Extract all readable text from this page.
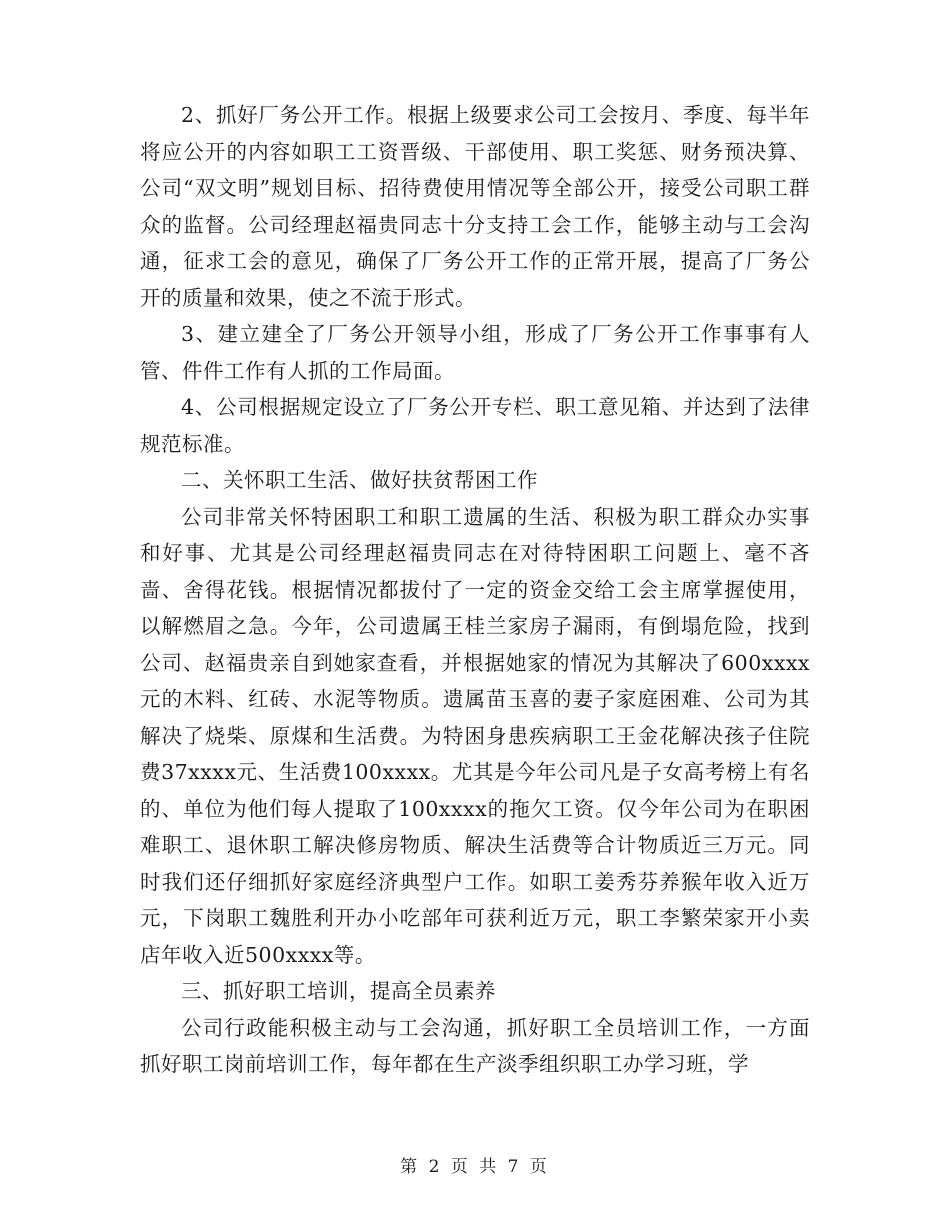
2、抓好厂务公开工作。根据上级要求公司工会按月、季度、每半年将应公开的内容如职工工资晋级、干部使用、职工奖惩、财务预决算、公司“双文明”规划目标、招待费使用情况等全部公开，接受公司职工群众的监督。公司经理赵福贵同志十分支持工会工作，能够主动与工会沟通，征求工会的意见，确保了厂务公开工作的正常开展，提高了厂务公开的质量和效果，使之不流于形式。

3、建立建全了厂务公开领导小组，形成了厂务公开工作事事有人管、件件工作有人抓的工作局面。

4、公司根据规定设立了厂务公开专栏、职工意见箱、并达到了法律规范标准。

二、关怀职工生活、做好扶贫帮困工作

公司非常关怀特困职工和职工遗属的生活、积极为职工群众办实事和好事、尤其是公司经理赵福贵同志在对待特困职工问题上、毫不吝啬、舍得花钱。根据情况都拔付了一定的资金交给工会主席掌握使用，以解燃眉之急。今年，公司遗属王桂兰家房子漏雨，有倒塌危险，找到公司、赵福贵亲自到她家查看，并根据她家的情况为其解决了600xxxx元的木料、红砖、水泥等物质。遗属苗玉喜的妻子家庭困难、公司为其解决了烧柴、原煤和生活费。为特困身患疾病职工王金花解决孩子住院费37xxxx元、生活费100xxxx。尤其是今年公司凡是子女高考榜上有名的、单位为他们每人提取了100xxxx的拖欠工资。仅今年公司为在职困难职工、退休职工解决修房物质、解决生活费等合计物质近三万元。同时我们还仔细抓好家庭经济典型户工作。如职工姜秀芬养猴年收入近万元，下岗职工魏胜利开办小吃部年可获利近万元，职工李繁荣家开小卖店年收入近500xxxx等。

三、抓好职工培训，提高全员素养

公司行政能积极主动与工会沟通，抓好职工全员培训工作，一方面抓好职工岗前培训工作，每年都在生产淡季组织职工办学习班，学

第 2 页 共 7 页
